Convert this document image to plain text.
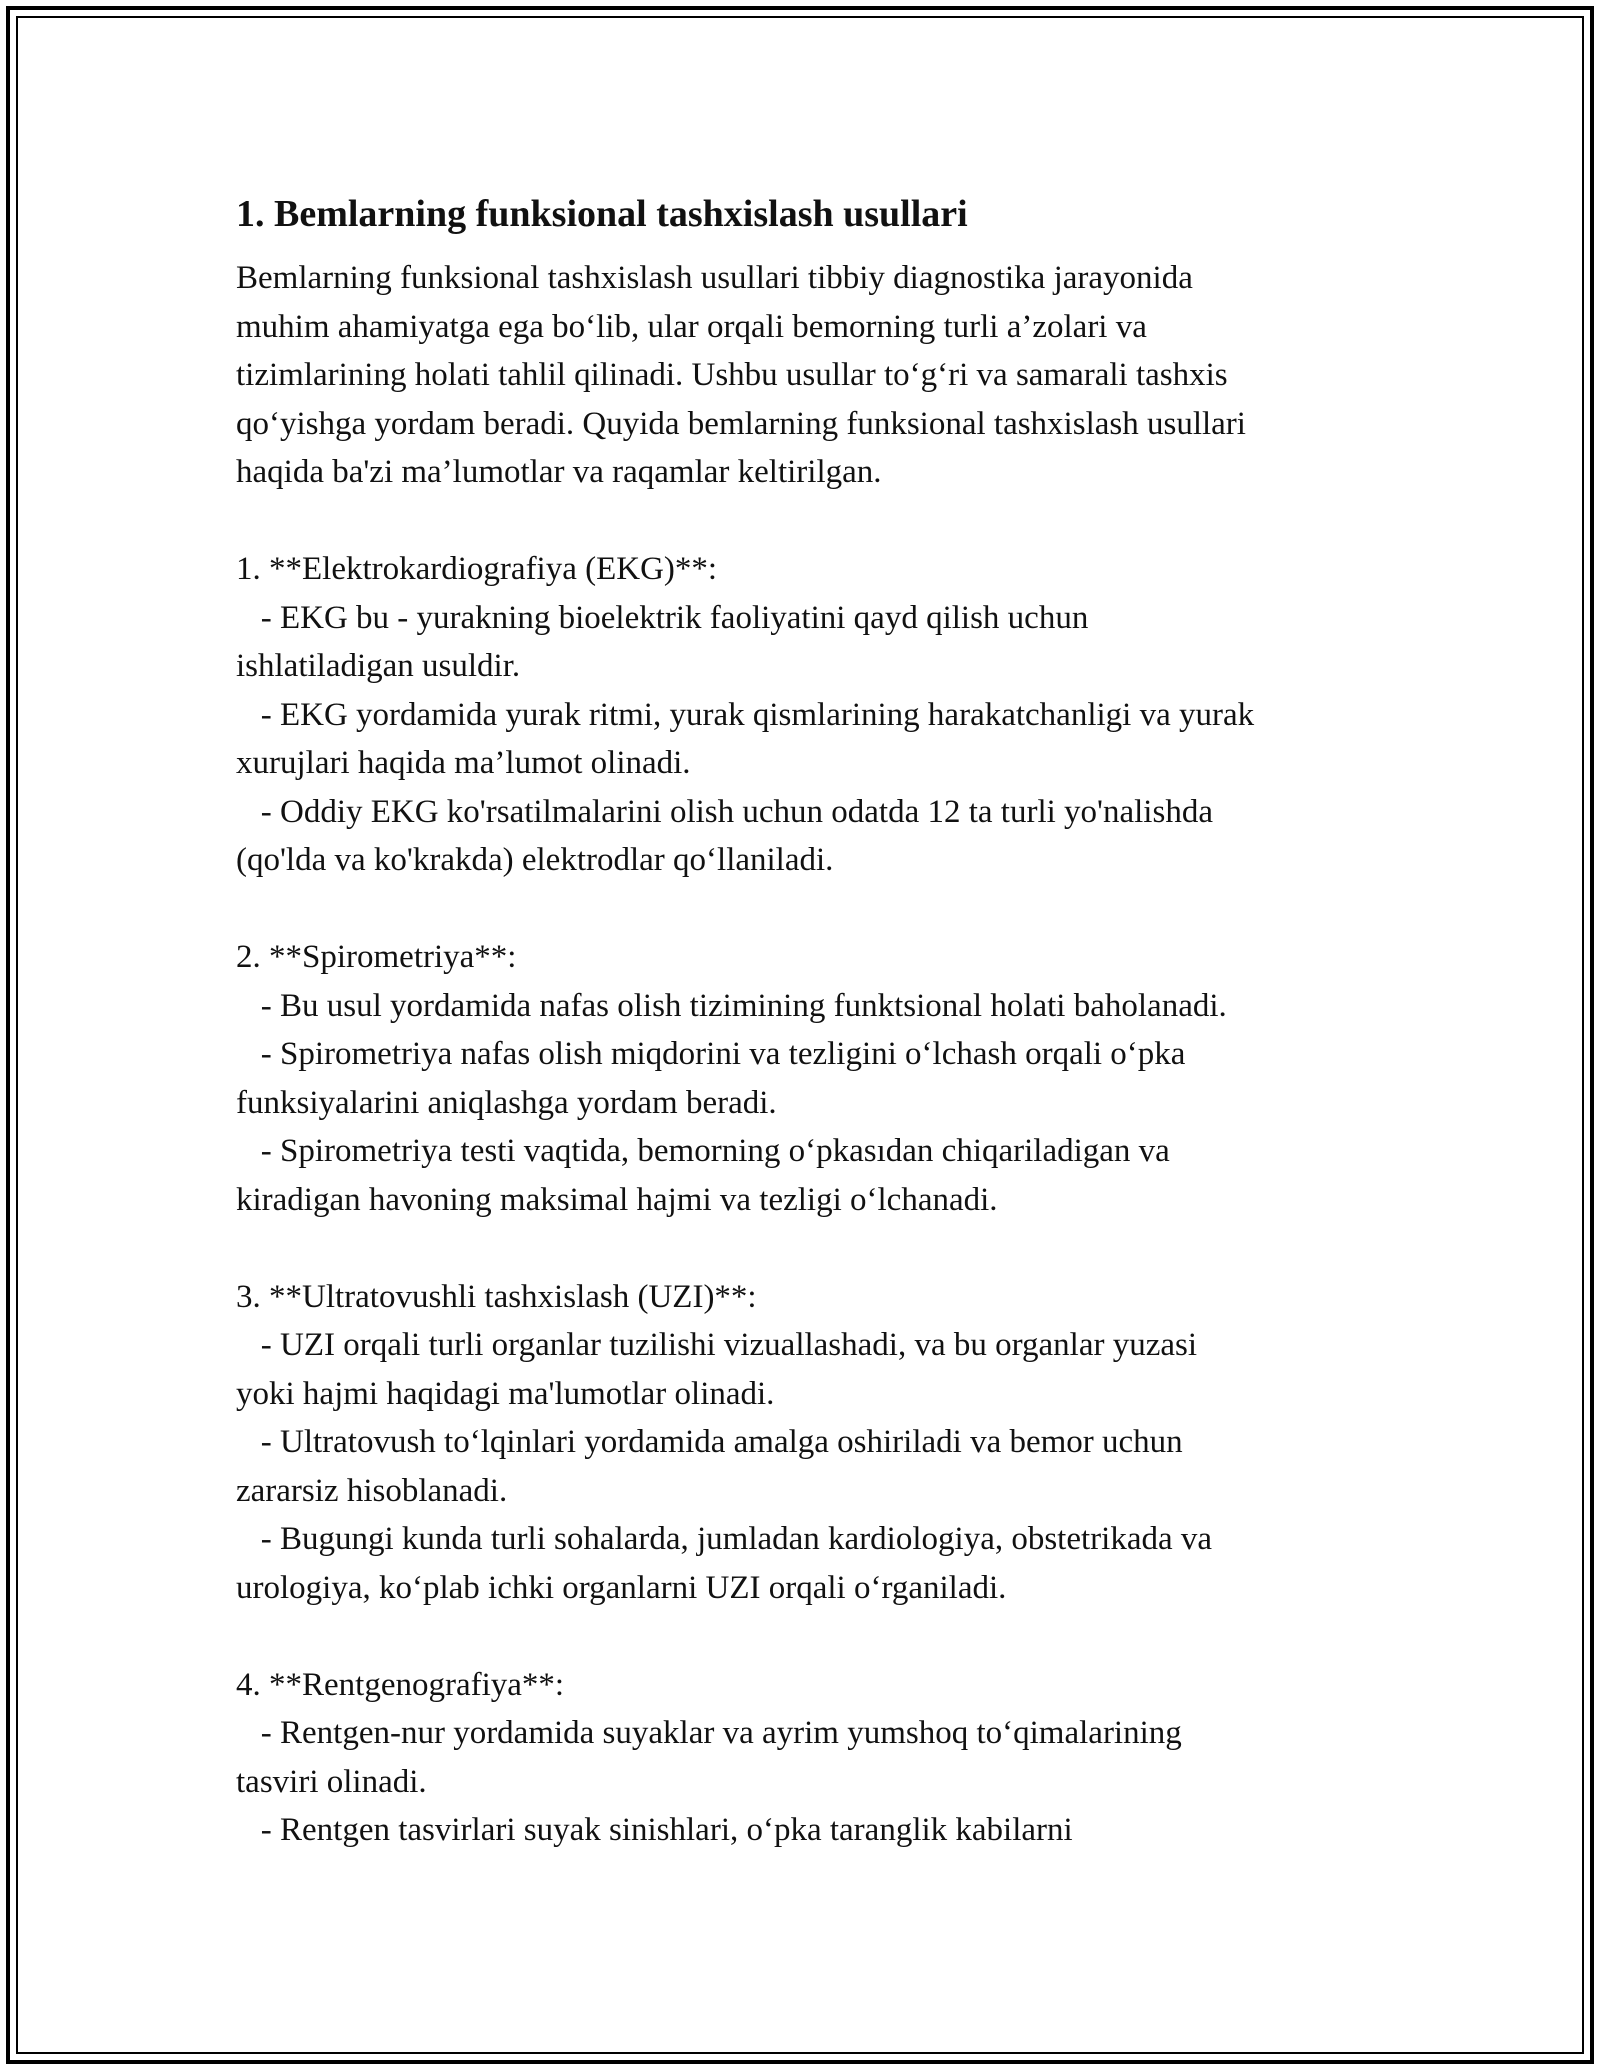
1. Bemlarning funksional tashxislash usullari

Bemlarning funksional tashxislash usullari tibbiy diagnostika jarayonida
muhim ahamiyatga ega bo‘lib, ular orqali bemorning turli a’zolari va
tizimlarining holati tahlil qilinadi. Ushbu usullar to‘g‘ri va samarali tashxis
qo‘yishga yordam beradi. Quyida bemlarning funksional tashxislash usullari
haqida ba'zi ma’lumotlar va raqamlar keltirilgan.

1. **Elektrokardiografiya (EKG)**:
- EKG bu - yurakning bioelektrik faoliyatini qayd qilish uchun
ishlatiladigan usuldir.
- EKG yordamida yurak ritmi, yurak qismlarining harakatchanligi va yurak
xurujlari haqida ma’lumot olinadi.
- Oddiy EKG ko'rsatilmalarini olish uchun odatda 12 ta turli yo'nalishda
(qo'lda va ko'krakda) elektrodlar qo‘llaniladi.

2. **Spirometriya**:
- Bu usul yordamida nafas olish tizimining funktsional holati baholanadi.
- Spirometriya nafas olish miqdorini va tezligini o‘lchash orqali o‘pka
funksiyalarini aniqlashga yordam beradi.
- Spirometriya testi vaqtida, bemorning o‘pkasıdan chiqariladigan va
kiradigan havoning maksimal hajmi va tezligi o‘lchanadi.

3. **Ultratovushli tashxislash (UZI)**:
- UZI orqali turli organlar tuzilishi vizuallashadi, va bu organlar yuzasi
yoki hajmi haqidagi ma'lumotlar olinadi.
- Ultratovush to‘lqinlari yordamida amalga oshiriladi va bemor uchun
zararsiz hisoblanadi.
- Bugungi kunda turli sohalarda, jumladan kardiologiya, obstetrikada va
urologiya, ko‘plab ichki organlarni UZI orqali o‘rganiladi.

4. **Rentgenografiya**:
- Rentgen-nur yordamida suyaklar va ayrim yumshoq to‘qimalarining
tasviri olinadi.
- Rentgen tasvirlari suyak sinishlari, o‘pka taranglik kabilarni
